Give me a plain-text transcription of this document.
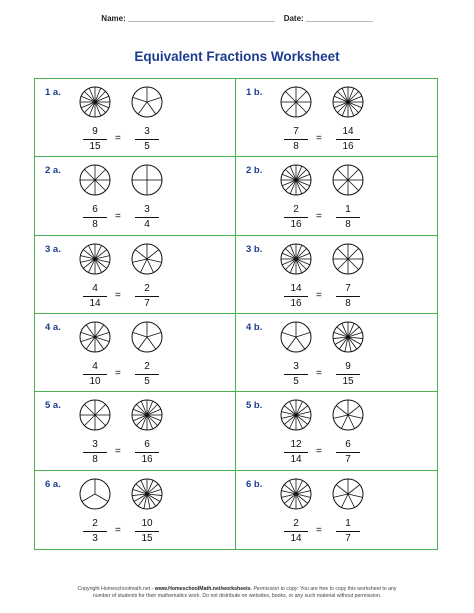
Name: _________________________________ Date: _______________
Equivalent Fractions Worksheet
1 a.
$\frac{9}{15}$	$\frac{3}{5}$
=
1 b.
$\frac{7}{8}$	$\frac{14}{16}$
=
2 a.
$\frac{6}{8}$	$\frac{3}{4}$
=
2 b.
$\frac{2}{16}$	$\frac{1}{8}$
=
3 a.
$\frac{4}{14}$	$\frac{2}{7}$
=
3 b.
$\frac{14}{16}$	$\frac{7}{8}$
=
4 a.
$\frac{4}{10}$	$\frac{2}{5}$
=
4 b.
$\frac{3}{5}$	$\frac{9}{15}$
=
5 a.
$\frac{3}{8}$	$\frac{6}{16}$
=
5 b.
$\frac{12}{14}$	$\frac{6}{7}$
=
6 a.
$\frac{2}{3}$	$\frac{10}{15}$
=
6 b.
$\frac{2}{14}$	$\frac{1}{7}$
=
Copyright Homeschoolmath.net - www.HomeschoolMath.net/worksheets. Permission to copy: You are free to copy this worksheet to any
number of students for their mathematics work. Do not distribute on websites, books, or any such material without permission.
